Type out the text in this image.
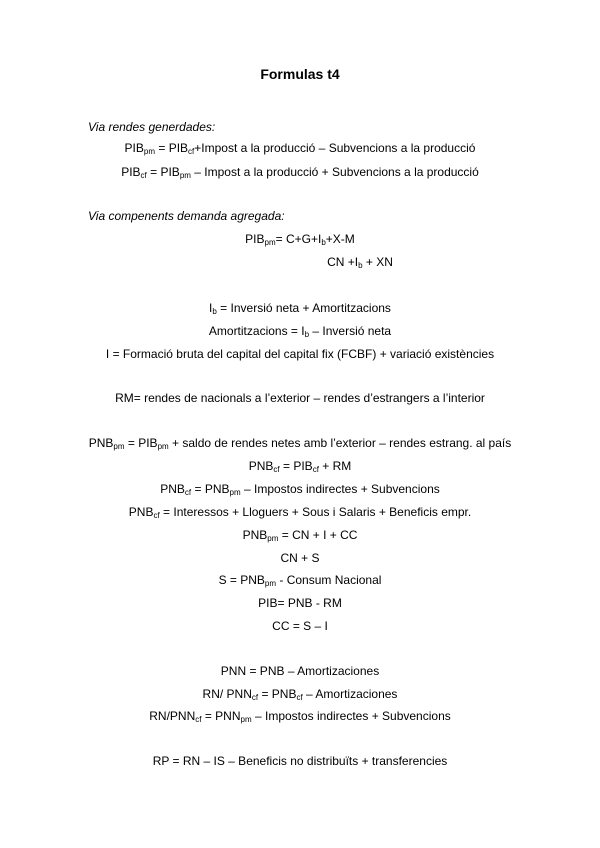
Formulas t4
Via rendes generdades:
Via compenents demanda agregada:
$PIB_{pm}$ = $PIB_{cf}+Impost$ a la producció – Subvencions a la producció
$PIB_{cf} = PIB_{pm}$ – Impost a la producció + Subvencions a la producció
$PIB_{pm}= C+G+I_b+X-M$
CN $+I_b$ + XN
$I_b$ = Inversió neta + Amortitzacions
Amortitzacions = $I_b$ – Inversió neta
I = Formació bruta del capital del capital fix (FCBF) + variació existències
RM= rendes de nacionals a l’exterior – rendes d’estrangers a l’interior
$PNB_{pm} = PIB_{pm}$ + saldo de rendes netes amb l’exterior – rendes estrang. al país
$PNB_{cf} = PIB_{cf}$ + RM
$PNB_{cf} = PNB_{pm}$ – Impostos indirectes + Subvencions
$PNB_{cf}$ = Interessos + Lloguers + Sous i Salaris + Beneficis empr.
$PNB_{pm}$ = CN + I + CC
CN + S
$S = PNB_{pm}$ - Consum Nacional
PIB= PNB - RM
CC = S – I
PNN = PNB – Amortizaciones
RN/ $PNN_{cf} = PNB_{cf}$ – Amortizaciones
$RN/PNN_{cf} = PNN_{pm}$ – Impostos indirectes + Subvencions
RP = RN – IS – Beneficis no distribuïts + transferencies
